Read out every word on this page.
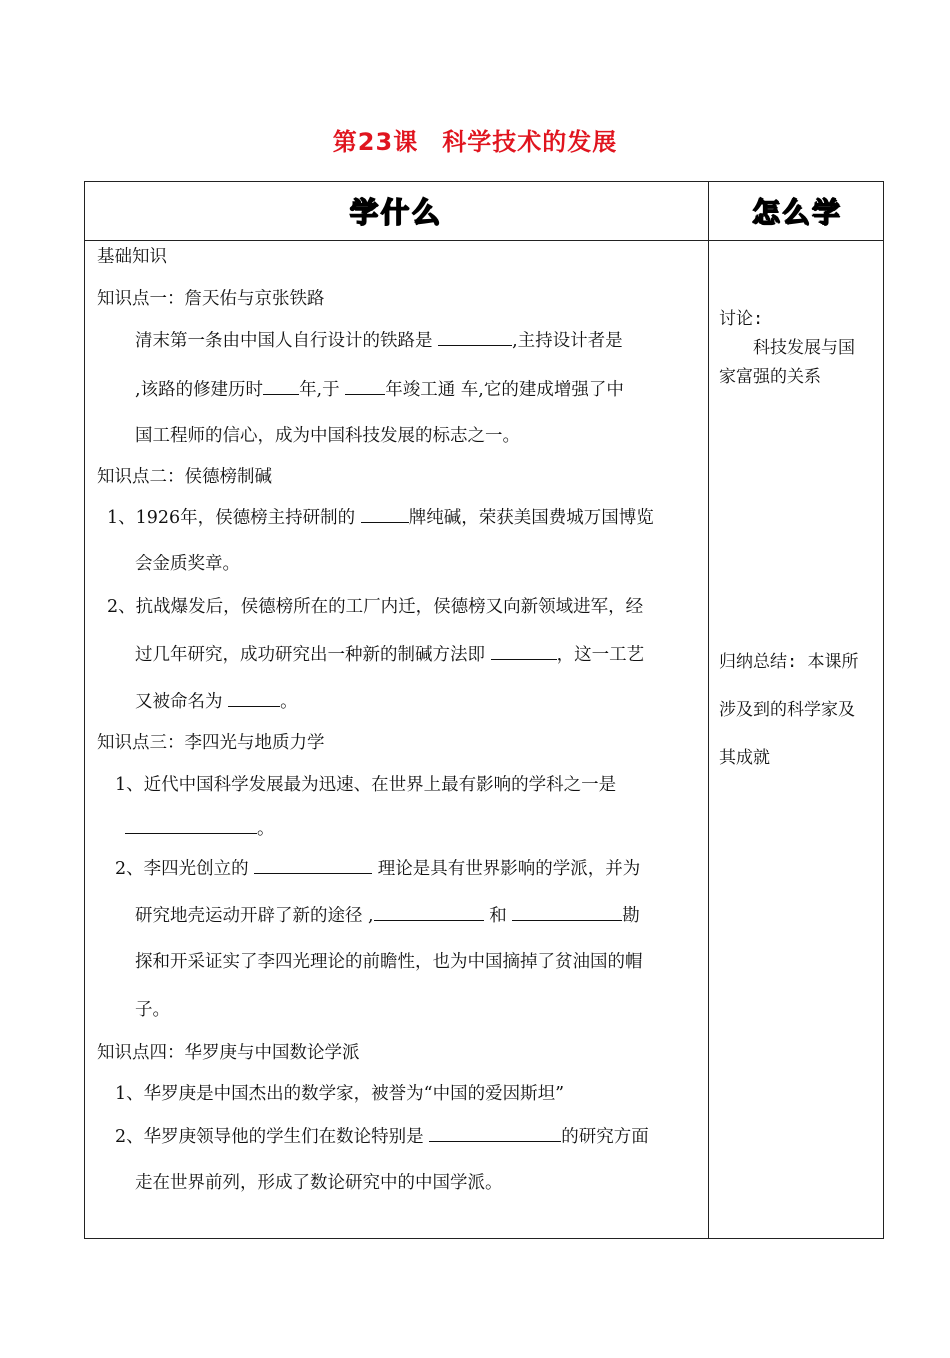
第23课 科学技术的发展
学什么	怎么学
基础知识
知识点一：詹天佑与京张铁路
清末第一条由中国人自行设计的铁路是	,主持设计者是
,该路的修建历时 年,于	年竣工通 车,它的建成增强了中
国工程师的信心，成为中国科技发展的标志之一。
知识点二：侯德榜制碱
1、1926年，侯德榜主持研制的	牌纯碱，荣获美国费城万国博览
会金质奖章。
2、抗战爆发后，侯德榜所在的工厂内迁，侯德榜又向新领域进军，经
过几年研究，成功研究出一种新的制碱方法即	，这一工艺
又被命名为	。
知识点三：李四光与地质力学
1、近代中国科学发展最为迅速、在世界上最有影响的学科之一是
。
2、李四光创立的	理论是具有世界影响的学派，并为
研究地壳运动开辟了新的途径 ,	和	勘
探和开采证实了李四光理论的前瞻性，也为中国摘掉了贫油国的帽
子。
知识点四：华罗庚与中国数论学派
1、华罗庚是中国杰出的数学家，被誉为“中国的爱因斯坦”
2、华罗庚领导他的学生们在数论特别是	的研究方面
走在世界前列，形成了数论研究中的中国学派。
讨论:
科技发展与国
家富强的关系
归纳总结: 本课所
涉及到的科学家及
其成就
